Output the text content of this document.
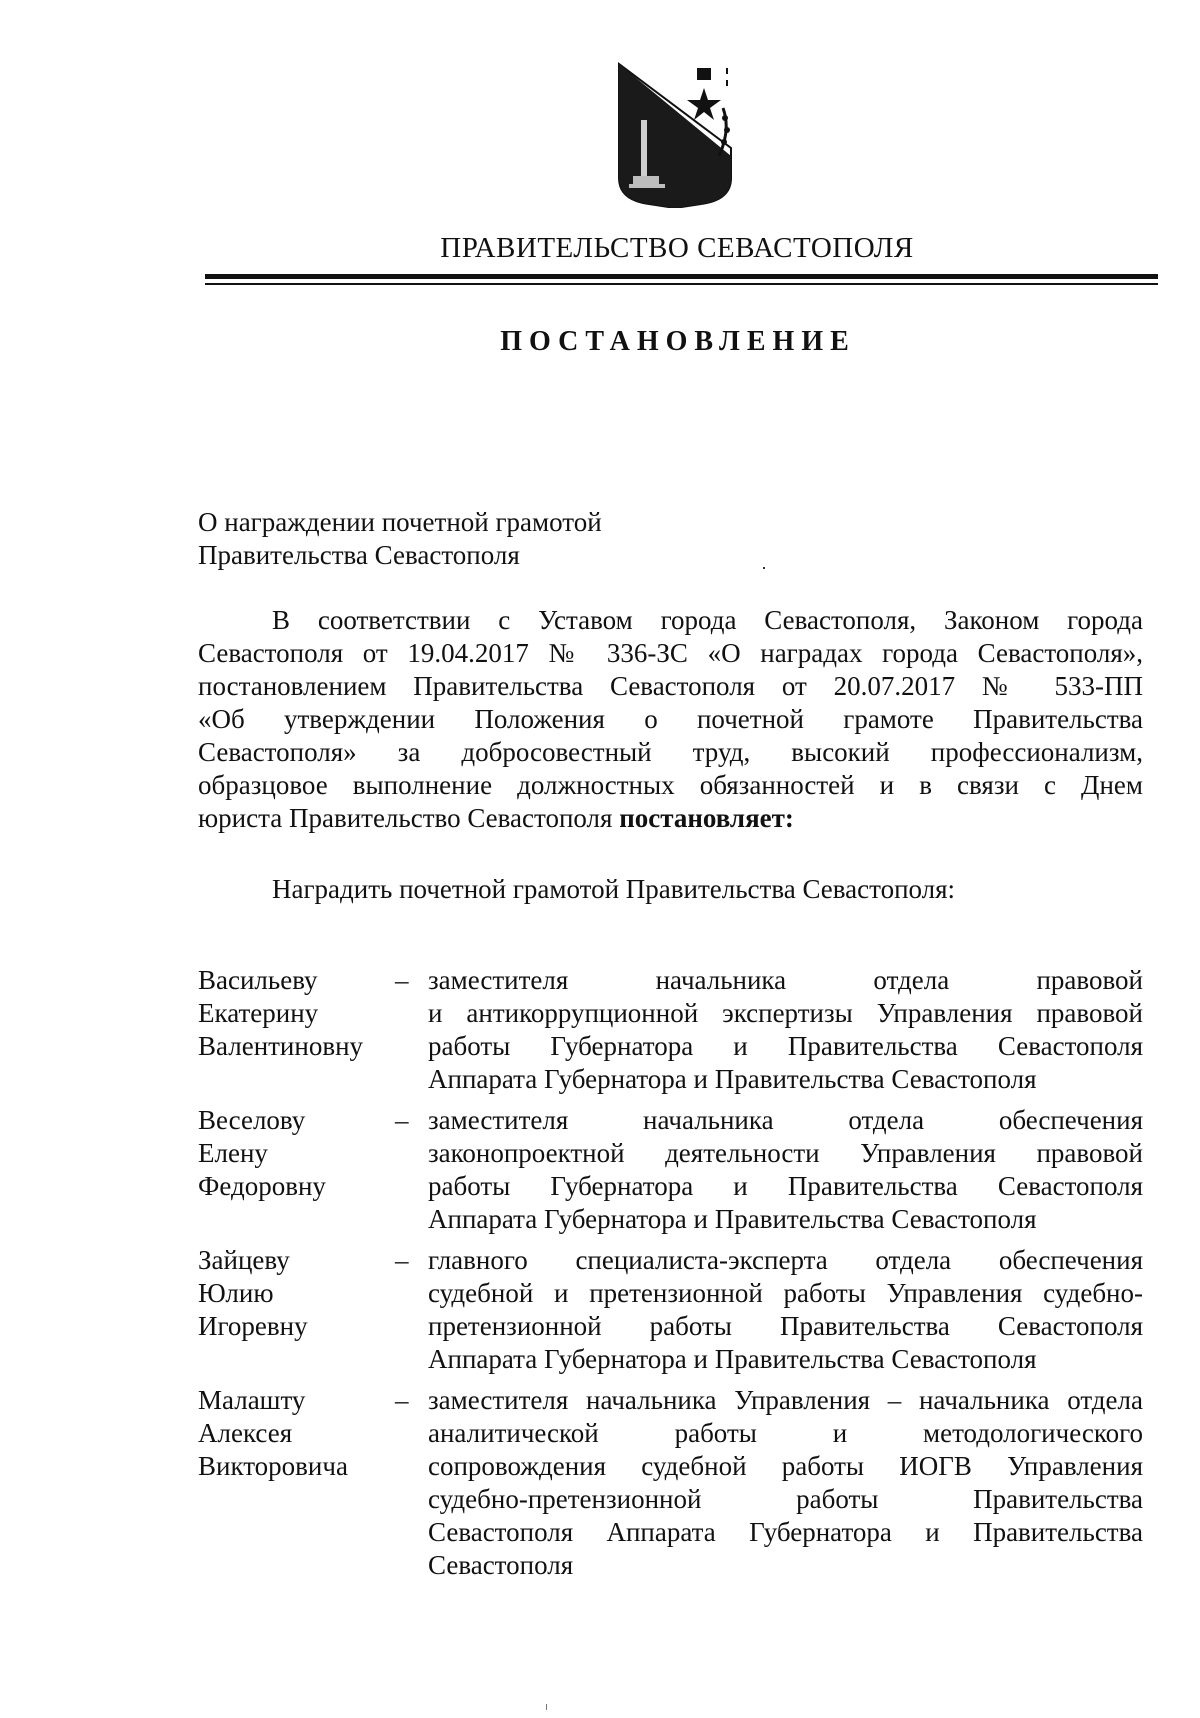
ПРАВИТЕЛЬСТВО СЕВАСТОПОЛЯ
ПОСТАНОВЛЕНИЕ
О награждении почетной грамотой
Правительства Севастополя
В соответствии с Уставом города Севастополя, Законом города
Севастополя от 19.04.2017 № 336-ЗС «О наградах города Севастополя»,
постановлением Правительства Севастополя от 20.07.2017 № 533-ПП
«Об утверждении Положения о почетной грамоте Правительства
Севастополя» за добросовестный труд, высокий профессионализм,
образцовое выполнение должностных обязанностей и в связи с Днем
юриста Правительство Севастополя постановляет:
Наградить почетной грамотой Правительства Севастополя:
Васильеву
Екатерину
Валентиновну
– заместителя начальника отдела правовой
и антикоррупционной экспертизы Управления правовой
работы Губернатора и Правительства Севастополя
Аппарата Губернатора и Правительства Севастополя
Веселову
Елену
Федоровну
– заместителя начальника отдела обеспечения
законопроектной деятельности Управления правовой
работы Губернатора и Правительства Севастополя
Аппарата Губернатора и Правительства Севастополя
Зайцеву
Юлию
Игоревну
– главного специалиста-эксперта отдела обеспечения
судебной и претензионной работы Управления судебно-
претензионной работы Правительства Севастополя
Аппарата Губернатора и Правительства Севастополя
Малашту
Алексея
Викторовича
– заместителя начальника Управления – начальника отдела
аналитической работы и методологического
сопровождения судебной работы ИОГВ Управления
судебно-претензионной работы Правительства
Севастополя Аппарата Губернатора и Правительства
Севастополя
